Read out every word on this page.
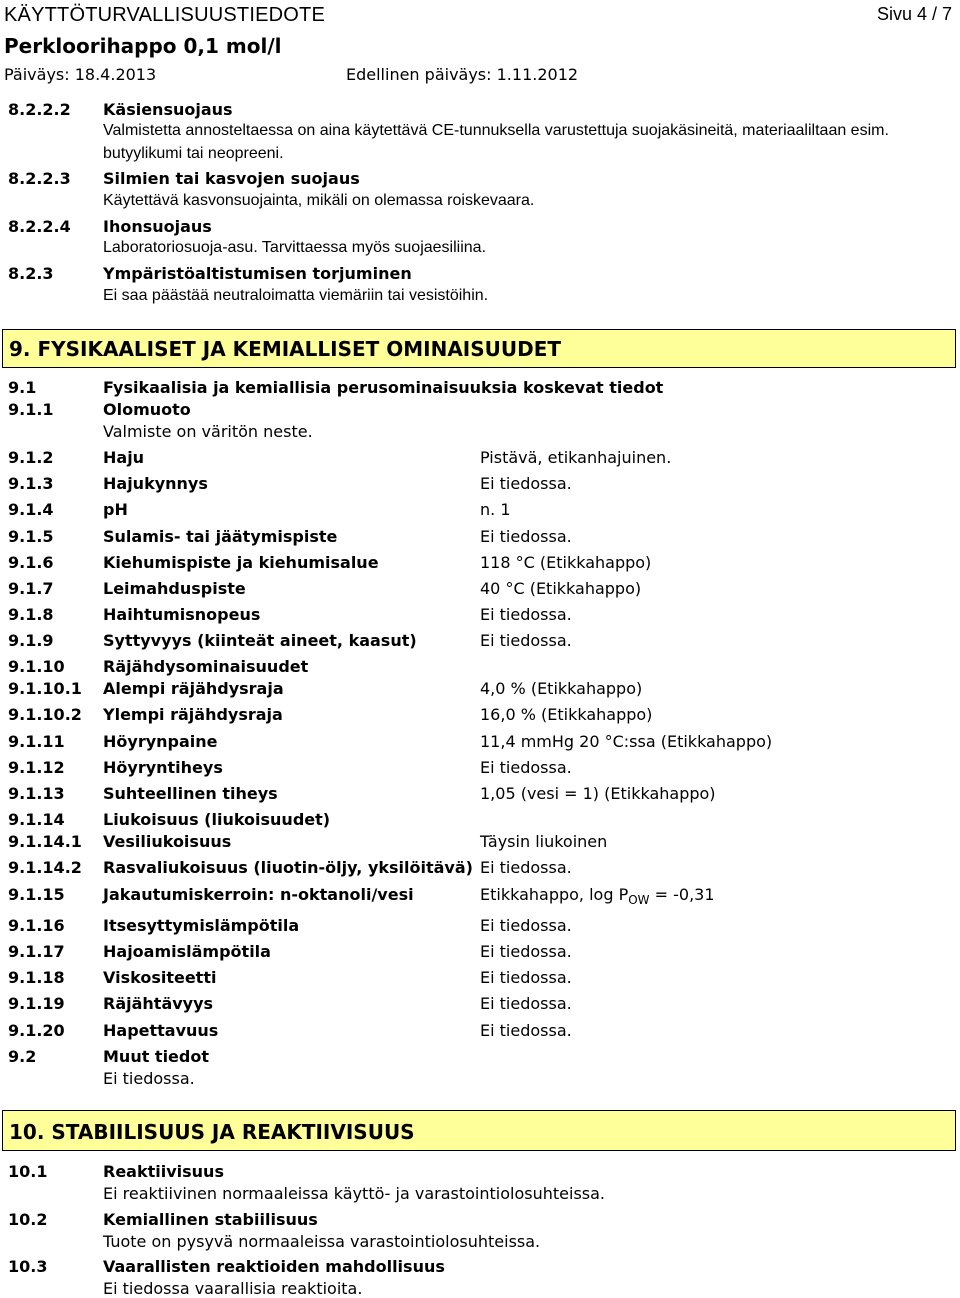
KÄYTTÖTURVALLISUUSTIEDOTE	Sivu 4 / 7
Perkloorihappo 0,1 mol/l
Päiväys: 18.4.2013	Edellinen päiväys: 1.11.2012
8.2.2.2 Käsiensuojaus
Valmistetta annosteltaessa on aina käytettävä CE-tunnuksella varustettuja suojakäsineitä, materiaaliltaan esim.
butyylikumi tai neopreeni.
8.2.2.3 Silmien tai kasvojen suojaus
Käytettävä kasvonsuojainta, mikäli on olemassa roiskevaara.
8.2.2.4 Ihonsuojaus
Laboratoriosuoja-asu. Tarvittaessa myös suojaesiliina.
8.2.3	Ympäristöaltistumisen torjuminen
Ei saa päästää neutraloimatta viemäriin tai vesistöihin.
9. FYSIKAALISET JA KEMIALLISET OMINAISUUDET
9.1	Fysikaalisia ja kemiallisia perusominaisuuksia koskevat tiedot
9.1.1	Olomuoto
Valmiste on väritön neste.
9.1.2	Haju	Pistävä, etikanhajuinen.
9.1.3	Hajukynnys	Ei tiedossa.
9.1.4	pH	n. 1
9.1.5	Sulamis- tai jäätymispiste	Ei tiedossa.
9.1.6	Kiehumispiste ja kiehumisalue	118 °C (Etikkahappo)
9.1.7	Leimahduspiste	40 °C (Etikkahappo)
9.1.8	Haihtumisnopeus	Ei tiedossa.
9.1.9	Syttyvyys (kiinteät aineet, kaasut)	Ei tiedossa.
9.1.10 Räjähdysominaisuudet
9.1.10.1 Alempi räjähdysraja	4,0 % (Etikkahappo)
9.1.10.2 Ylempi räjähdysraja	16,0 % (Etikkahappo)
9.1.11 Höyrynpaine	11,4 mmHg 20 °C:ssa (Etikkahappo)
9.1.12 Höyryntiheys	Ei tiedossa.
9.1.13 Suhteellinen tiheys	1,05 (vesi = 1) (Etikkahappo)
9.1.14 Liukoisuus (liukoisuudet)
9.1.14.1 Vesiliukoisuus	Täysin liukoinen
9.1.14.2 Rasvaliukoisuus (liuotin-öljy, yksilöitävä) Ei tiedossa.
9.1.15 Jakautumiskerroin: n-oktanoli/vesi	Etikkahappo, $\log P_{OW} = -0,31$
9.1.16 Itsesyttymislämpötila	Ei tiedossa.
9.1.17 Hajoamislämpötila	Ei tiedossa.
9.1.18 Viskositeetti	Ei tiedossa.
9.1.19 Räjähtävyys	Ei tiedossa.
9.1.20 Hapettavuus	Ei tiedossa.
9.2	Muut tiedot
Ei tiedossa.
10. STABIILISUUS JA REAKTIIVISUUS
10.1	Reaktiivisuus
Ei reaktiivinen normaaleissa käyttö- ja varastointiolosuhteissa.
10.2	Kemiallinen stabiilisuus
Tuote on pysyvä normaaleissa varastointiolosuhteissa.
10.3	Vaarallisten reaktioiden mahdollisuus
Ei tiedossa vaarallisia reaktioita.
